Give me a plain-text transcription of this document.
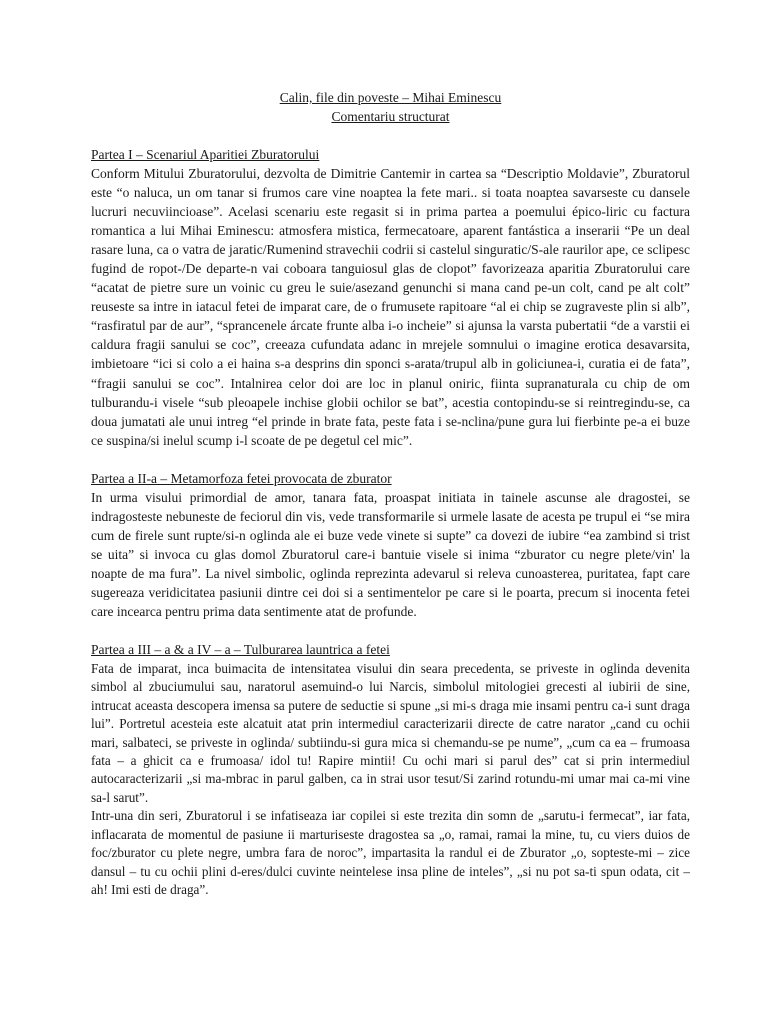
Calin, file din poveste – Mihai Eminescu
Comentariu structurat
Partea I – Scenariul Aparitiei Zburatorului

Conform Mitului Zburatorului, dezvolta de Dimitrie Cantemir in cartea sa “Descriptio Moldavie”, Zburatorul este “o naluca, un om tanar si frumos care vine noaptea la fete mari.. si toata noaptea savarseste cu dansele lucruri necuviincioase”. Acelasi scenariu este regasit si in prima partea a poemului épico-liric cu factura romantica a lui Mihai Eminescu: atmosfera mistica, fermecatoare, aparent fantástica a inserarii “Pe un deal rasare luna, ca o vatra de jaratic/Rumenind stravechii codrii si castelul singuratic/S-ale raurilor ape, ce sclipesc fugind de ropot-/De departe-n vai coboara tanguiosul glas de clopot” favorizeaza aparitia Zburatorului care “acatat de pietre sure un voinic cu greu le suie/asezand genunchi si mana cand pe-un colt, cand pe alt colt” reuseste sa intre in iatacul fetei de imparat care, de o frumusete rapitoare “al ei chip se zugraveste plin si alb”, “rasfiratul par de aur”, “sprancenele árcate frunte alba i-o incheie” si ajunsa la varsta pubertatii “de a varstii ei caldura fragii sanului se coc”, creeaza cufundata adanc in mrejele somnului o imagine erotica desavarsita, imbietoare “ici si colo a ei haina s-a desprins din sponci s-arata/trupul alb in goliciunea-i, curatia ei de fata”, “fragii sanului se coc”. Intalnirea celor doi are loc in planul oniric, fiinta supranaturala cu chip de om tulburandu-i visele “sub pleoapele inchise globii ochilor se bat”, acestia contopindu-se si reintregindu-se, ca doua jumatati ale unui intreg “el prinde in brate fata, peste fata i se-nclina/pune gura lui fierbinte pe-a ei buze ce suspina/si inelul scump i-l scoate de pe degetul cel mic”.

Partea a II-a – Metamorfoza fetei provocata de zburator

In urma visului primordial de amor, tanara fata, proaspat initiata in tainele ascunse ale dragostei, se indragosteste nebuneste de feciorul din vis, vede transformarile si urmele lasate de acesta pe trupul ei “se mira cum de firele sunt rupte/si-n oglinda ale ei buze vede vinete si supte” ca dovezi de iubire “ea zambind si trist se uita” si invoca cu glas domol Zburatorul care-i bantuie visele si inima “zburator cu negre plete/vin' la noapte de ma fura”. La nivel simbolic, oglinda reprezinta adevarul si releva cunoasterea, puritatea, fapt care sugereaza veridicitatea pasiunii dintre cei doi si a sentimentelor pe care si le poarta, precum si inocenta fetei care incearca pentru prima data sentimente atat de profunde.

Partea a III – a & a IV – a – Tulburarea launtrica a fetei

Fata de imparat, inca buimacita de intensitatea visului din seara precedenta, se priveste in oglinda devenita simbol al zbuciumului sau, naratorul asemuind-o lui Narcis, simbolul mitologiei grecesti al iubirii de sine, intrucat aceasta descopera imensa sa putere de seductie si spune „si mi-s draga mie insami pentru ca-i sunt draga lui”. Portretul acesteia este alcatuit atat prin intermediul caracterizarii directe de catre narator „cand cu ochii mari, salbateci, se priveste in oglinda/ subtiindu-si gura mica si chemandu-se pe nume”, „cum ca ea – frumoasa fata – a ghicit ca e frumoasa/ idol tu! Rapire mintii! Cu ochi mari si parul des” cat si prin intermediul autocaracterizarii „si ma-mbrac in parul galben, ca in strai usor tesut/Si zarind rotundu-mi umar mai ca-mi vine sa-l sarut”.

Intr-una din seri, Zburatorul i se infatiseaza iar copilei si este trezita din somn de „sarutu-i fermecat”, iar fata, inflacarata de momentul de pasiune ii marturiseste dragostea sa „o, ramai, ramai la mine, tu, cu viers duios de foc/zburator cu plete negre, umbra fara de noroc”, impartasita la randul ei de Zburator „o, sopteste-mi – zice dansul – tu cu ochii plini d-eres/dulci cuvinte neintelese insa pline de inteles”, „si nu pot sa-ti spun odata, cit – ah! Imi esti de draga”.
